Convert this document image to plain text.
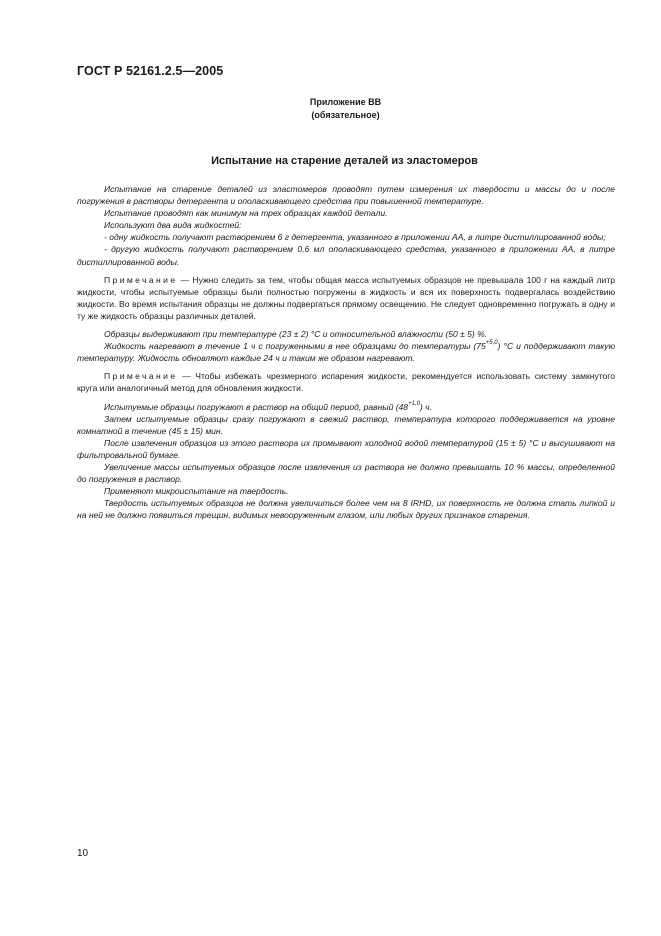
ГОСТ Р 52161.2.5—2005
Приложение ВВ
(обязательное)
Испытание на старение деталей из эластомеров

Испытание на старение деталей из эластомеров проводят путем измерения их твердости и массы до и после погружения в растворы детергента и ополаскивающего средства при повышенной температуре.

Испытание проводят как минимум на трех образцах каждой детали.

Используют два вида жидкостей:

- одну жидкость получают растворением 6 г детергента, указанного в приложении АА, в литре дистиллированной воды;

- другую жидкость получают растворением 0,6 мл ополаскивающего средства, указанного в приложении АА, в литре дистиллированной воды.

Примечание — Нужно следить за тем, чтобы общая масса испытуемых образцов не превышала 100 г на каждый литр жидкости, чтобы испытуемые образцы были полностью погружены в жидкость и вся их поверхность подвергалась воздействию жидкости. Во время испытания образцы не должны подвергаться прямому освещению. Не следует одновременно погружать в одну и ту же жидкость образцы различных деталей.

Образцы выдерживают при температуре (23 ± 2) °С и относительной влажности (50 ± 5) %.

Жидкость нагревают в течение 1 ч с погруженными в нее образцами до температуры $(75^{+5,0})$ °С и поддерживают такую температуру. Жидкость обновляют каждые 24 ч и таким же образом нагревают.

Примечание — Чтобы избежать чрезмерного испарения жидкости, рекомендуется использовать систему замкнутого круга или аналогичный метод для обновления жидкости.

Испытуемые образцы погружают в раствор на общий период, равный $(48^{+1,0})$ ч.

Затем испытуемые образцы сразу погружают в свежий раствор, температура которого поддерживается на уровне комнатной в течение (45 ± 15) мин.

После извлечения образцов из этого раствора их промывают холодной водой температурой (15 ± 5) °С и высушивают на фильтровальной бумаге.

Увеличение массы испытуемых образцов после извлечения из раствора не должно превышать 10 % массы, определенной до погружения в раствор.

Применяют микроиспытание на твердость.

Твердость испытуемых образцов не должна увеличиться более чем на 8 IRHD, их поверхность не должна стать липкой и на ней не должно появиться трещин, видимых невооруженным глазом, или любых других признаков старения.

10
